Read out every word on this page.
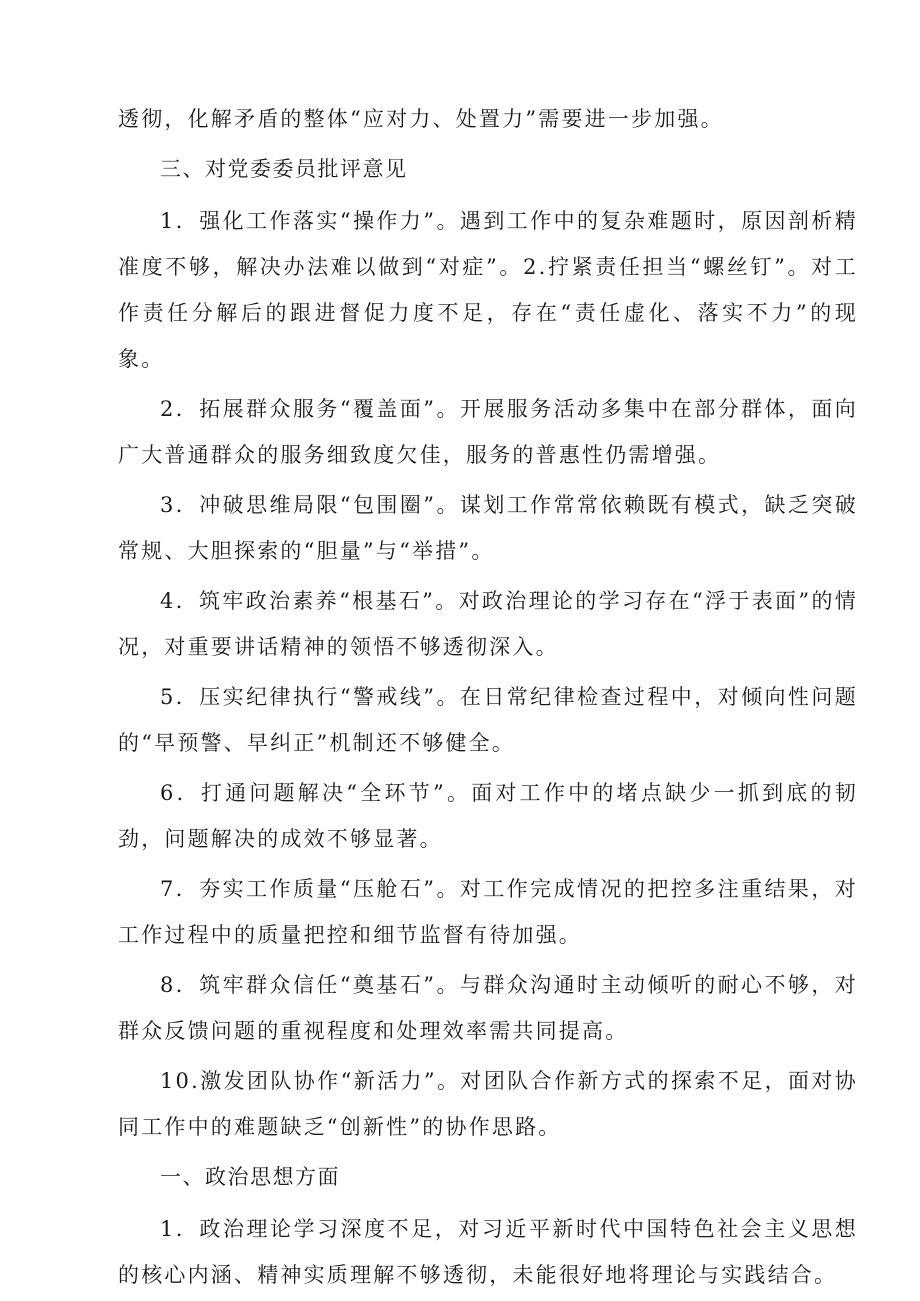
透彻，化解矛盾的整体“应对力、处置力”需要进一步加强。

三、对党委委员批评意见

1．强化工作落实“操作力”。遇到工作中的复杂难题时，原因剖析精准度不够，解决办法难以做到“对症”。2.拧紧责任担当“螺丝钉”。对工作责任分解后的跟进督促力度不足，存在“责任虚化、落实不力”的现象。

2．拓展群众服务“覆盖面”。开展服务活动多集中在部分群体，面向广大普通群众的服务细致度欠佳，服务的普惠性仍需增强。

3．冲破思维局限“包围圈”。谋划工作常常依赖既有模式，缺乏突破常规、大胆探索的“胆量”与“举措”。

4．筑牢政治素养“根基石”。对政治理论的学习存在“浮于表面”的情况，对重要讲话精神的领悟不够透彻深入。

5．压实纪律执行“警戒线”。在日常纪律检查过程中，对倾向性问题的“早预警、早纠正”机制还不够健全。

6．打通问题解决“全环节”。面对工作中的堵点缺少一抓到底的韧劲，问题解决的成效不够显著。

7．夯实工作质量“压舱石”。对工作完成情况的把控多注重结果，对工作过程中的质量把控和细节监督有待加强。

8．筑牢群众信任“奠基石”。与群众沟通时主动倾听的耐心不够，对群众反馈问题的重视程度和处理效率需共同提高。

10.激发团队协作“新活力”。对团队合作新方式的探索不足，面对协同工作中的难题缺乏“创新性”的协作思路。

一、政治思想方面

1．政治理论学习深度不足，对习近平新时代中国特色社会主义思想的核心内涵、精神实质理解不够透彻，未能很好地将理论与实践结合。
